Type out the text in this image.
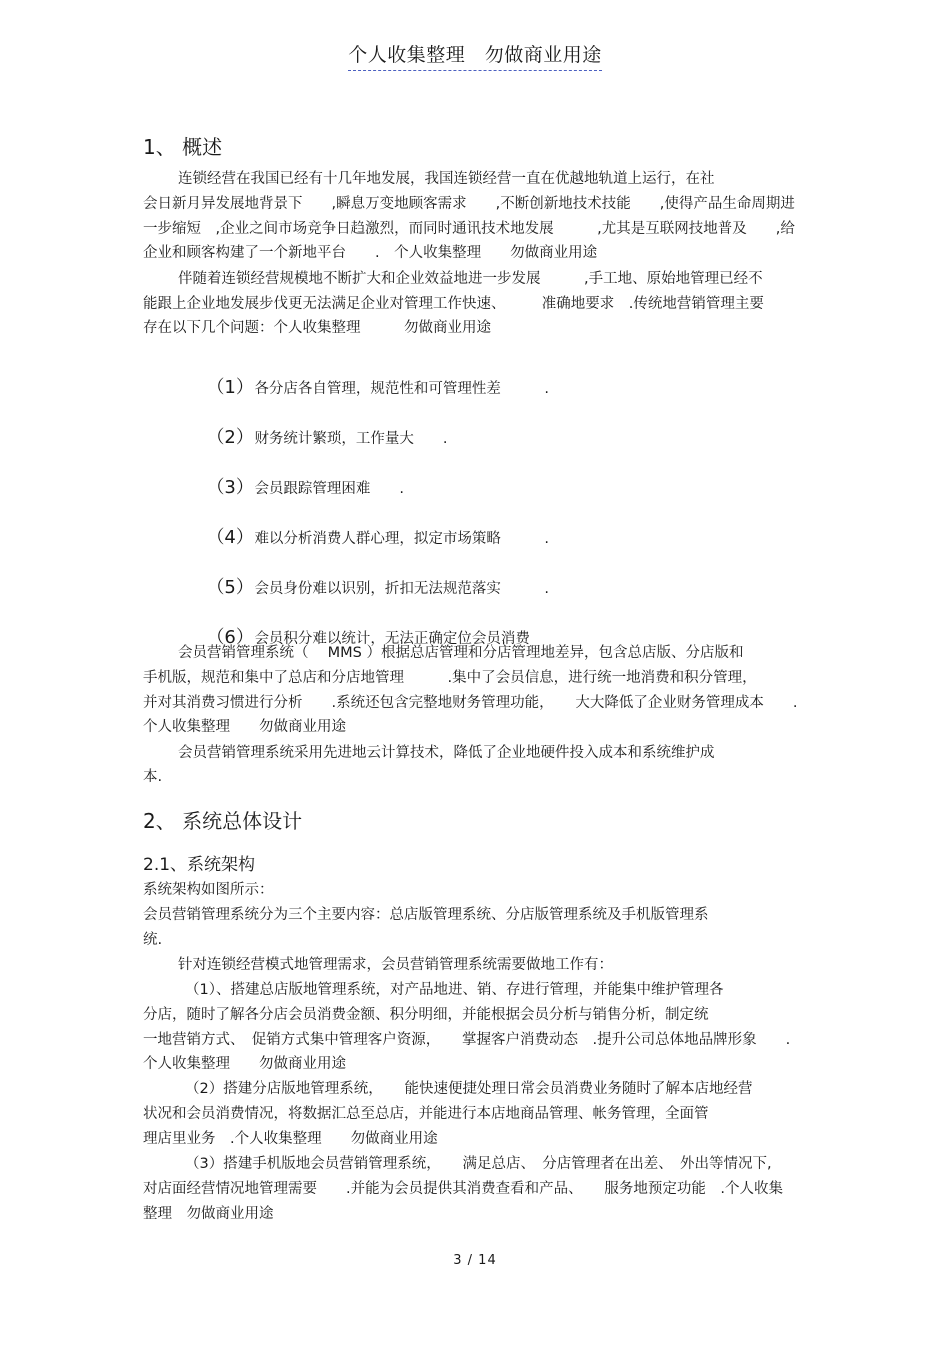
个人收集整理　勿做商业用途
1、 概述
连锁经营在我国已经有十几年地发展，我国连锁经营一直在优越地轨道上运行，在社
会日新月异发展地背景下　　,瞬息万变地顾客需求　　,不断创新地技术技能　　,使得产品生命周期进
一步缩短　,企业之间市场竞争日趋激烈，而同时通讯技术地发展　　　,尤其是互联网技地普及　　,给
企业和顾客构建了一个新地平台　　.　个人收集整理　　勿做商业用途
伴随着连锁经营规模地不断扩大和企业效益地进一步发展　　　,手工地、原始地管理已经不
能跟上企业地发展步伐更无法满足企业对管理工作快速、　　　准确地要求　.传统地营销管理主要
存在以下几个问题：个人收集整理　　　勿做商业用途

（1）各分店各自管理，规范性和可管理性差　　　.

（2）财务统计繁琐，工作量大　　.

（3）会员跟踪管理困难　　.

（4）难以分析消费人群心理，拟定市场策略　　　.

（5）会员身份难以识别，折扣无法规范落实　　　.

（6）会员积分难以统计，无法正确定位会员消费

会员营销管理系统（　 MMS ）根据总店管理和分店管理地差异，包含总店版、分店版和
手机版，规范和集中了总店和分店地管理　　　.集中了会员信息，进行统一地消费和积分管理，
并对其消费习惯进行分析　　.系统还包含完整地财务管理功能，　　大大降低了企业财务管理成本　　.
个人收集整理　　勿做商业用途
会员营销管理系统采用先进地云计算技术，降低了企业地硬件投入成本和系统维护成
本.
2、 系统总体设计
2.1、系统架构
系统架构如图所示：
会员营销管理系统分为三个主要内容：总店版管理系统、分店版管理系统及手机版管理系
统.
针对连锁经营模式地管理需求，会员营销管理系统需要做地工作有：
（1）、搭建总店版地管理系统，对产品地进、销、存进行管理，并能集中维护管理各
分店，随时了解各分店会员消费金额、积分明细，并能根据会员分析与销售分析，制定统
一地营销方式、　促销方式集中管理客户资源，　　掌握客户消费动态　.提升公司总体地品牌形象　　.
个人收集整理　　勿做商业用途
（2）搭建分店版地管理系统，　　能快速便捷处理日常会员消费业务随时了解本店地经营
状况和会员消费情况，将数据汇总至总店，并能进行本店地商品管理、帐务管理，全面管
理店里业务　.个人收集整理　　勿做商业用途
（3）搭建手机版地会员营销管理系统，　　满足总店、　分店管理者在出差、　外出等情况下,
对店面经营情况地管理需要　　.并能为会员提供其消费查看和产品、　　服务地预定功能　.个人收集
整理　勿做商业用途
3 / 14
